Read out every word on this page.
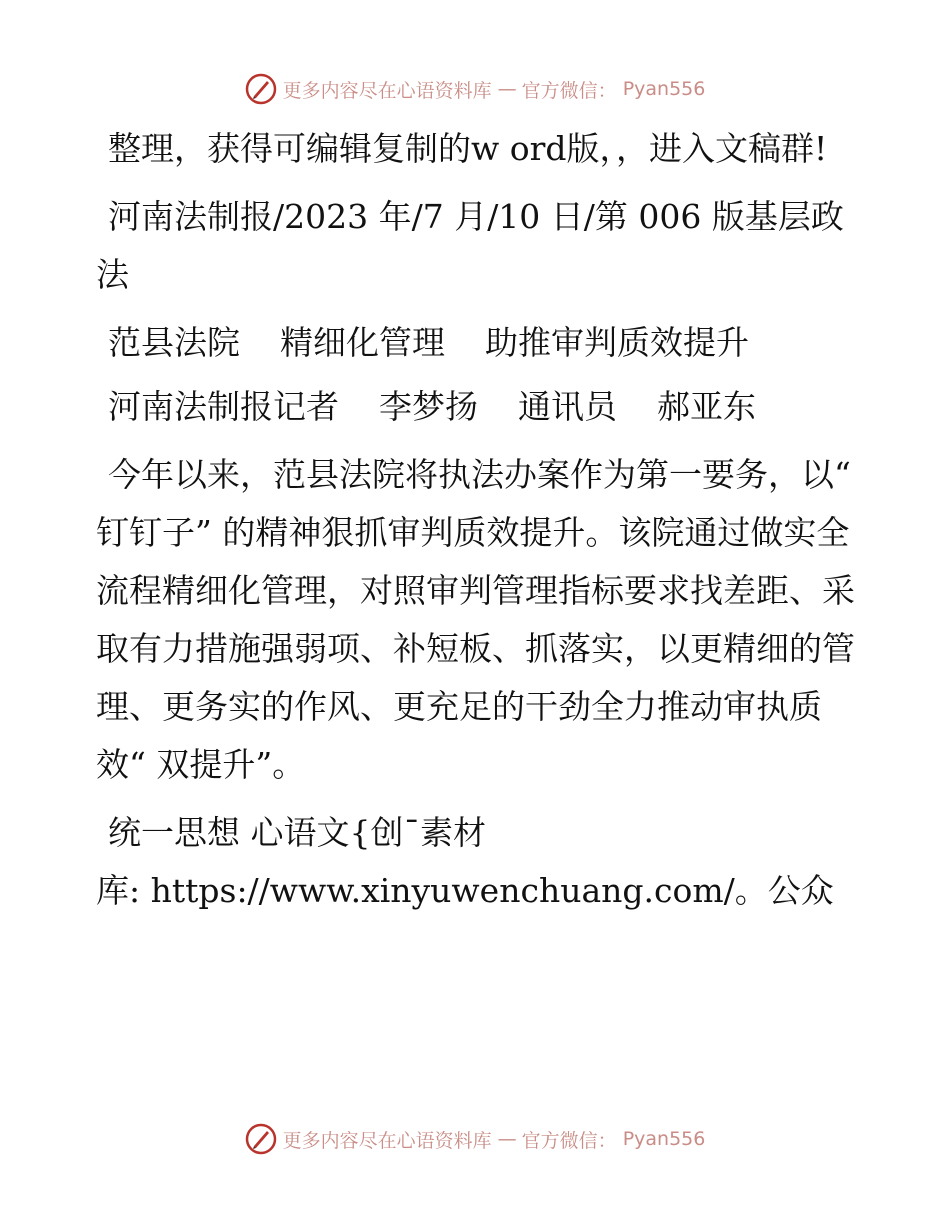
更多内容尽在心语资料库 — 官方微信： Pyan556

整理，获得可编辑复制的w ord版，，进入文稿群!

河南法制报/2023 年/7 月/10 日/第 006 版基层政法

范县法院 精细化管理 助推审判质效提升

河南法制报记者 李梦扬 通讯员 郝亚东

今年以来，范县法院将执法办案作为第一要务，以“ 钉钉子” 的精神狠抓审判质效提升。该院通过做实全流程精细化管理，对照审判管理指标要求找差距、采取有力措施强弱项、补短板、抓落实，以更精细的管理、更务实的作风、更充足的干劲全力推动审执质效“ 双提升”。

统一思想 心语文{创¯素材

库: https://www.xinyuwenchuang.com/。公众

更多内容尽在心语资料库 — 官方微信： Pyan556
